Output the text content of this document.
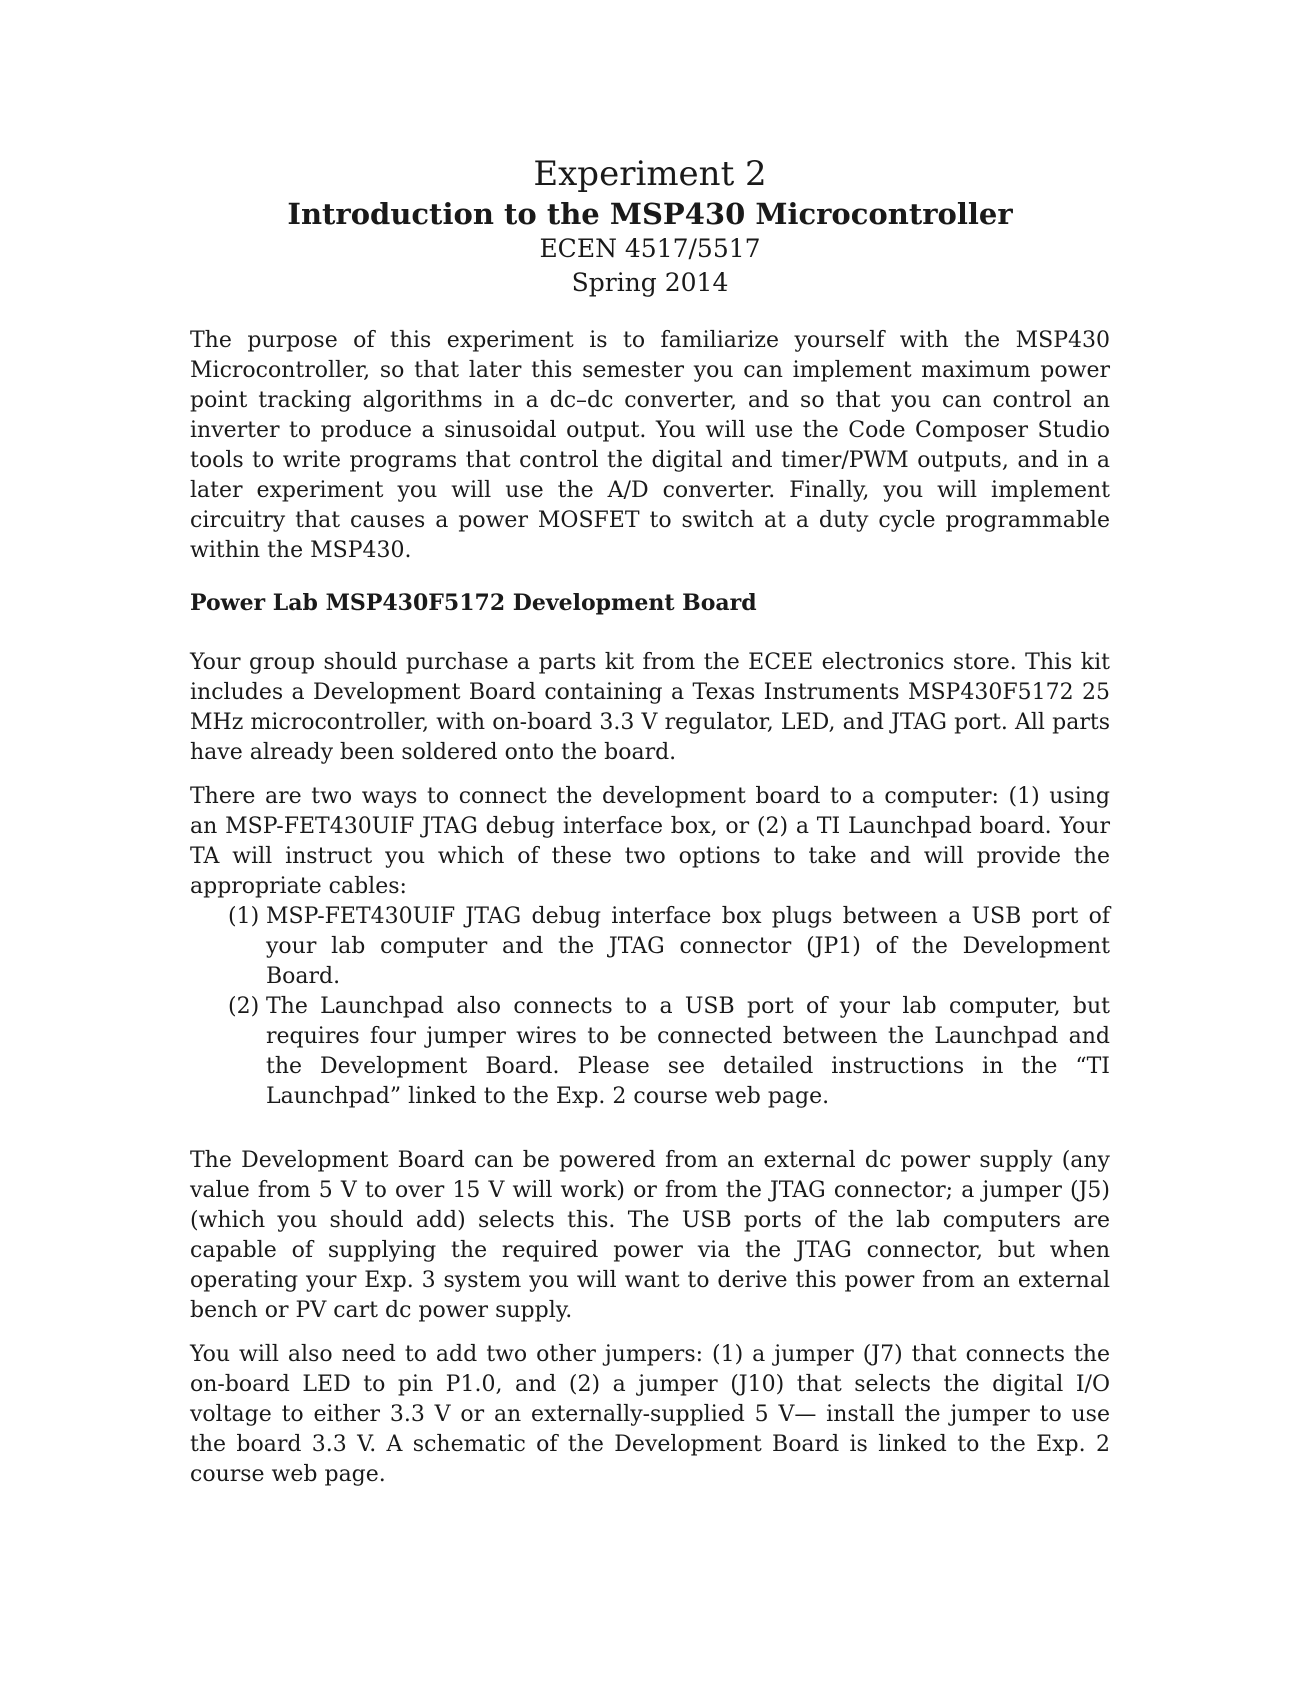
Experiment 2
Introduction to the MSP430 Microcontroller
ECEN 4517/5517
Spring 2014

The purpose of this experiment is to familiarize yourself with the MSP430 Microcontroller, so that later this semester you can implement maximum power point tracking algorithms in a dc–dc converter, and so that you can control an inverter to produce a sinusoidal output. You will use the Code Composer Studio tools to write programs that control the digital and timer/PWM outputs, and in a later experiment you will use the A/D converter. Finally, you will implement circuitry that causes a power MOSFET to switch at a duty cycle programmable within the MSP430.

Power Lab MSP430F5172 Development Board

Your group should purchase a parts kit from the ECEE electronics store. This kit includes a Development Board containing a Texas Instruments MSP430F5172 25 MHz microcontroller, with on-board 3.3 V regulator, LED, and JTAG port. All parts have already been soldered onto the board.

There are two ways to connect the development board to a computer: (1) using an MSP-FET430UIF JTAG debug interface box, or (2) a TI Launchpad board. Your TA will instruct you which of these two options to take and will provide the appropriate cables:

(1) MSP-FET430UIF JTAG debug interface box plugs between a USB port of your lab computer and the JTAG connector (JP1) of the Development Board.
(2) The Launchpad also connects to a USB port of your lab computer, but requires four jumper wires to be connected between the Launchpad and the Development Board. Please see detailed instructions in the “TI Launchpad” linked to the Exp. 2 course web page.

The Development Board can be powered from an external dc power supply (any value from 5 V to over 15 V will work) or from the JTAG connector; a jumper (J5) (which you should add) selects this. The USB ports of the lab computers are capable of supplying the required power via the JTAG connector, but when operating your Exp. 3 system you will want to derive this power from an external bench or PV cart dc power supply.

You will also need to add two other jumpers: (1) a jumper (J7) that connects the on-board LED to pin P1.0, and (2) a jumper (J10) that selects the digital I/O voltage to either 3.3 V or an externally-supplied 5 V— install the jumper to use the board 3.3 V. A schematic of the Development Board is linked to the Exp. 2 course web page.
